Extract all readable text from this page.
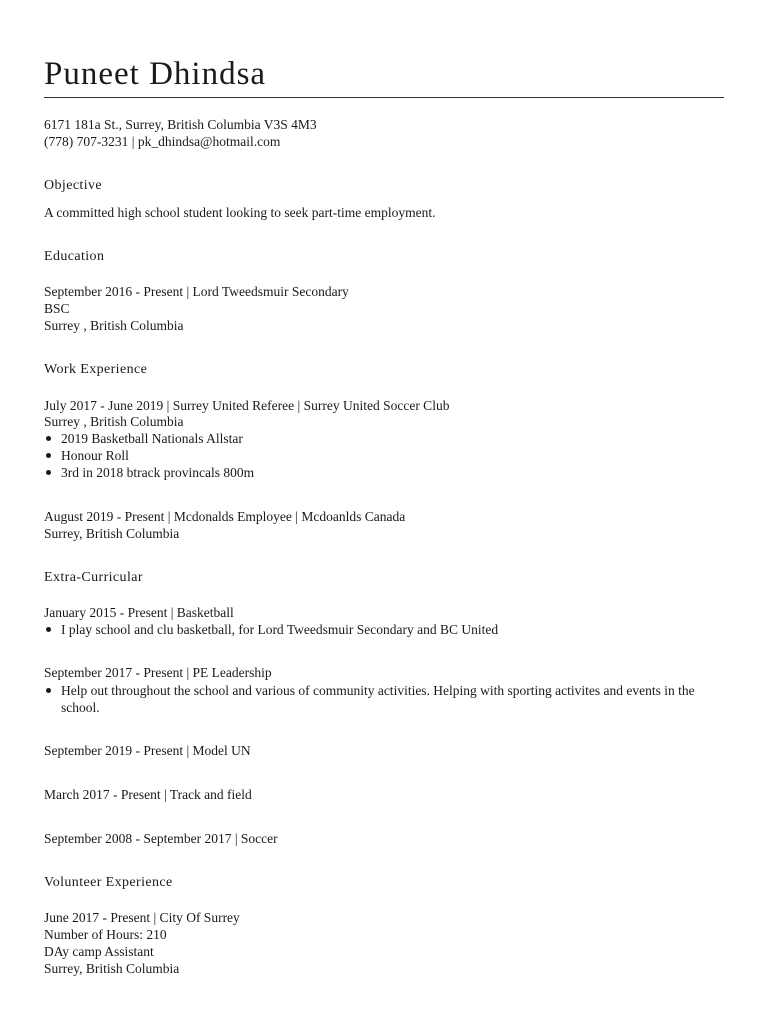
Puneet Dhindsa
6171 181a St., Surrey, British Columbia V3S 4M3
(778) 707-3231 | pk_dhindsa@hotmail.com
Objective
A committed high school student looking to seek part-time employment.
Education
September 2016 - Present | Lord Tweedsmuir Secondary
BSC
Surrey , British Columbia
Work Experience
July 2017 - June 2019 | Surrey United Referee | Surrey United Soccer Club
Surrey , British Columbia
2019 Basketball Nationals Allstar
Honour Roll
3rd in 2018 btrack provincals 800m
August 2019 - Present | Mcdonalds Employee | Mcdoanlds Canada
Surrey, British Columbia
Extra-Curricular
January 2015 - Present | Basketball
I play school and clu basketball, for Lord Tweedsmuir Secondary and BC United
September 2017 - Present | PE Leadership
Help out throughout the school and various of community activities. Helping with sporting activites and events in the school.
September 2019 - Present | Model UN
March 2017 - Present | Track and field
September 2008 - September 2017 | Soccer
Volunteer Experience
June 2017 - Present | City Of Surrey
Number of Hours: 210
DAy camp Assistant
Surrey, British Columbia
